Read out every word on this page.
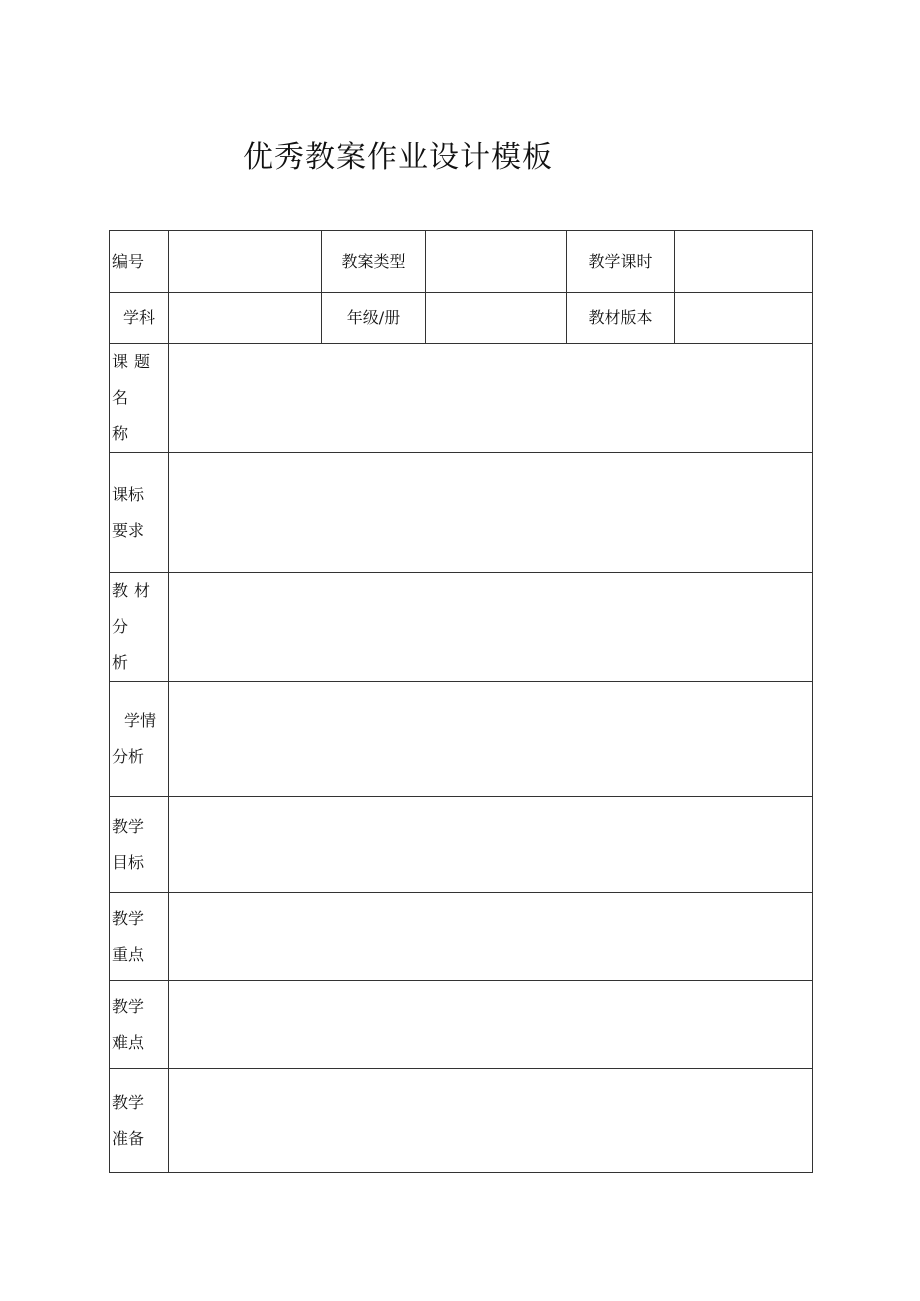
优秀教案作业设计模板
编号		教案类型		教学课时	
学科		年级/册		教材版本	

课题名
称					

课标
要求					

教材分
析					

学情
分析					

教学
目标					

教学
重点					

教学
难点					

教学
准备					
